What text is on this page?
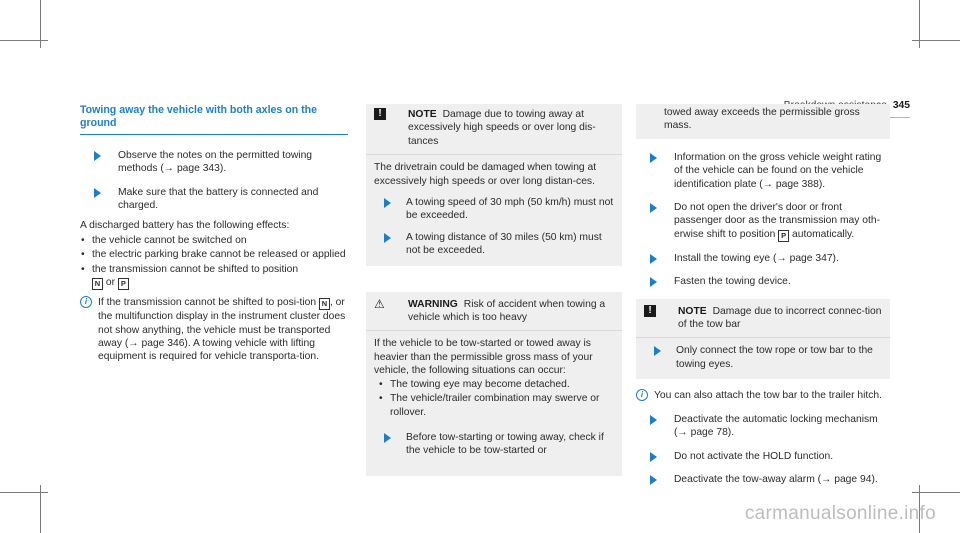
345

Towing away the vehicle with both axles on the ground

Observe the notes on the permitted towing methods (→ page 343).
Make sure that the battery is connected and charged.

A discharged battery has the following effects:

• the vehicle cannot be switched on
• the electric parking brake cannot be released or applied
• the transmission cannot be shifted to position
N or P
i	If the transmission cannot be shifted to posi-tion N , or the multifunction display in the instrument cluster does not show anything, the vehicle must be transported away (→ page 346). A towing vehicle with lifting equipment is required for vehicle transporta-tion.
!	NOTE Damage due to towing away at excessively high speeds or over long dis-tances

The drivetrain could be damaged when towing at excessively high speeds or over long distan-ces.

A towing speed of 30 mph (50 km/h) must not be exceeded.
A towing distance of 30 miles (50 km) must not be exceeded.
⚠ WARNING Risk of accident when towing a vehicle which is too heavy

If the vehicle to be tow-started or towed away is heavier than the permissible gross mass of your vehicle, the following situations can occur:

• The towing eye may become detached.
• The vehicle/trailer combination may swerve or rollover.
Before tow-starting or towing away, check if the vehicle to be tow-started or

towed away exceeds the permissible gross mass.

Information on the gross vehicle weight rating of the vehicle can be found on the vehicle identification plate (→ page 388).
Do not open the driver's door or front passenger door as the transmission may oth-erwise shift to position P automatically.
Install the towing eye (→ page 347).
Fasten the towing device.
!	NOTE Damage due to incorrect connec-tion of the tow bar
Only connect the tow rope or tow bar to the towing eyes.
i	You can also attach the tow bar to the trailer hitch.
Deactivate the automatic locking mechanism (→ page 78).
Do not activate the HOLD function.
Deactivate the tow-away alarm (→ page 94).
carmanualsonline.info
